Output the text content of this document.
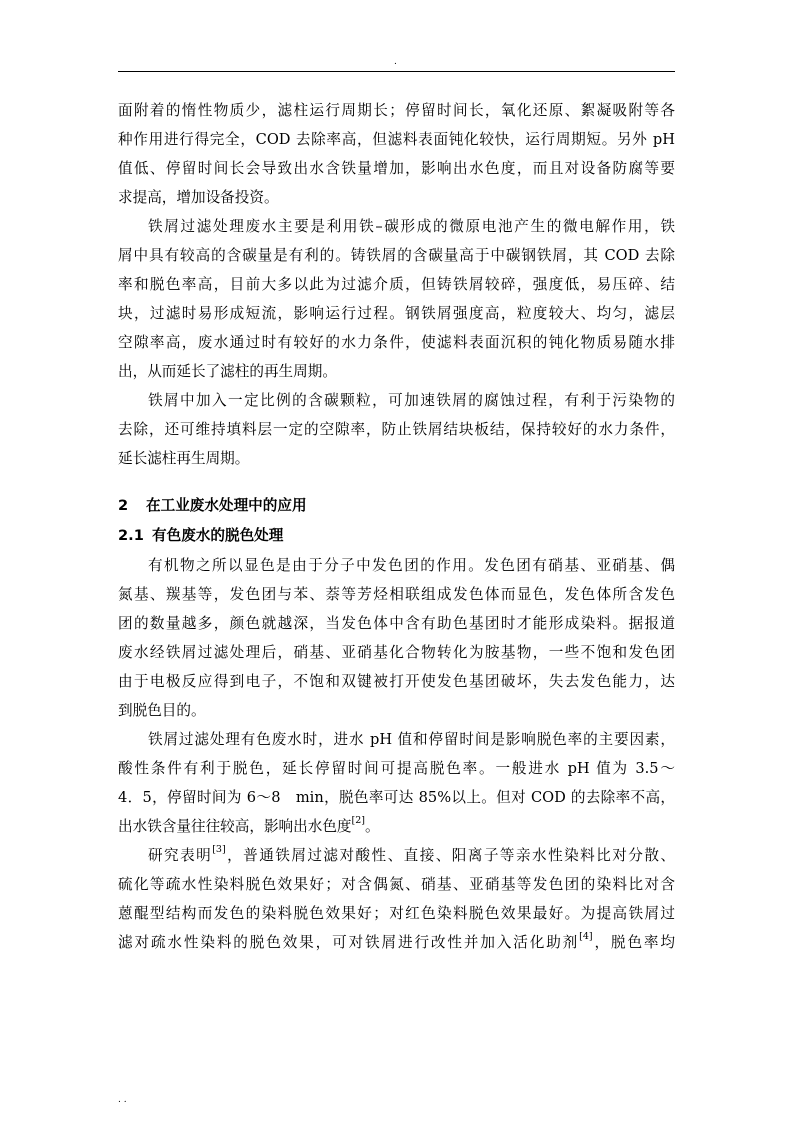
.
面附着的惰性物质少，滤柱运行周期长；停留时间长，氧化还原、絮凝吸附等各
种作用进行得完全，COD 去除率高，但滤料表面钝化较快，运行周期短。另外 pH
值低、停留时间长会导致出水含铁量增加，影响出水色度，而且对设备防腐等要
求提高，增加设备投资。
铁屑过滤处理废水主要是利用铁–碳形成的微原电池产生的微电解作用，铁
屑中具有较高的含碳量是有利的。铸铁屑的含碳量高于中碳钢铁屑，其 COD 去除
率和脱色率高，目前大多以此为过滤介质，但铸铁屑较碎，强度低，易压碎、结
块，过滤时易形成短流，影响运行过程。钢铁屑强度高，粒度较大、均匀，滤层
空隙率高，废水通过时有较好的水力条件，使滤料表面沉积的钝化物质易随水排
出，从而延长了滤柱的再生周期。
铁屑中加入一定比例的含碳颗粒，可加速铁屑的腐蚀过程，有利于污染物的
去除，还可维持填料层一定的空隙率，防止铁屑结块板结，保持较好的水力条件，
延长滤柱再生周期。
2 在工业废水处理中的应用
2.1 有色废水的脱色处理
有机物之所以显色是由于分子中发色团的作用。发色团有硝基、亚硝基、偶
氮基、羰基等，发色团与苯、萘等芳烃相联组成发色体而显色，发色体所含发色
团的数量越多，颜色就越深，当发色体中含有助色基团时才能形成染料。据报道
废水经铁屑过滤处理后，硝基、亚硝基化合物转化为胺基物，一些不饱和发色团
由于电极反应得到电子，不饱和双键被打开使发色基团破坏，失去发色能力，达
到脱色目的。
铁屑过滤处理有色废水时，进水 pH 值和停留时间是影响脱色率的主要因素，
酸性条件有利于脱色，延长停留时间可提高脱色率。一般进水 pH 值为 3.5～
4．5，停留时间为 6～8　min，脱色率可达 85%以上。但对 COD 的去除率不高，
出水铁含量往往较高，影响出水色度[2]。
研究表明[3]，普通铁屑过滤对酸性、直接、阳离子等亲水性染料比对分散、
硫化等疏水性染料脱色效果好；对含偶氮、硝基、亚硝基等发色团的染料比对含
蒽醌型结构而发色的染料脱色效果好；对红色染料脱色效果最好。为提高铁屑过
滤对疏水性染料的脱色效果，可对铁屑进行改性并加入活化助剂[4]，脱色率均
. .
